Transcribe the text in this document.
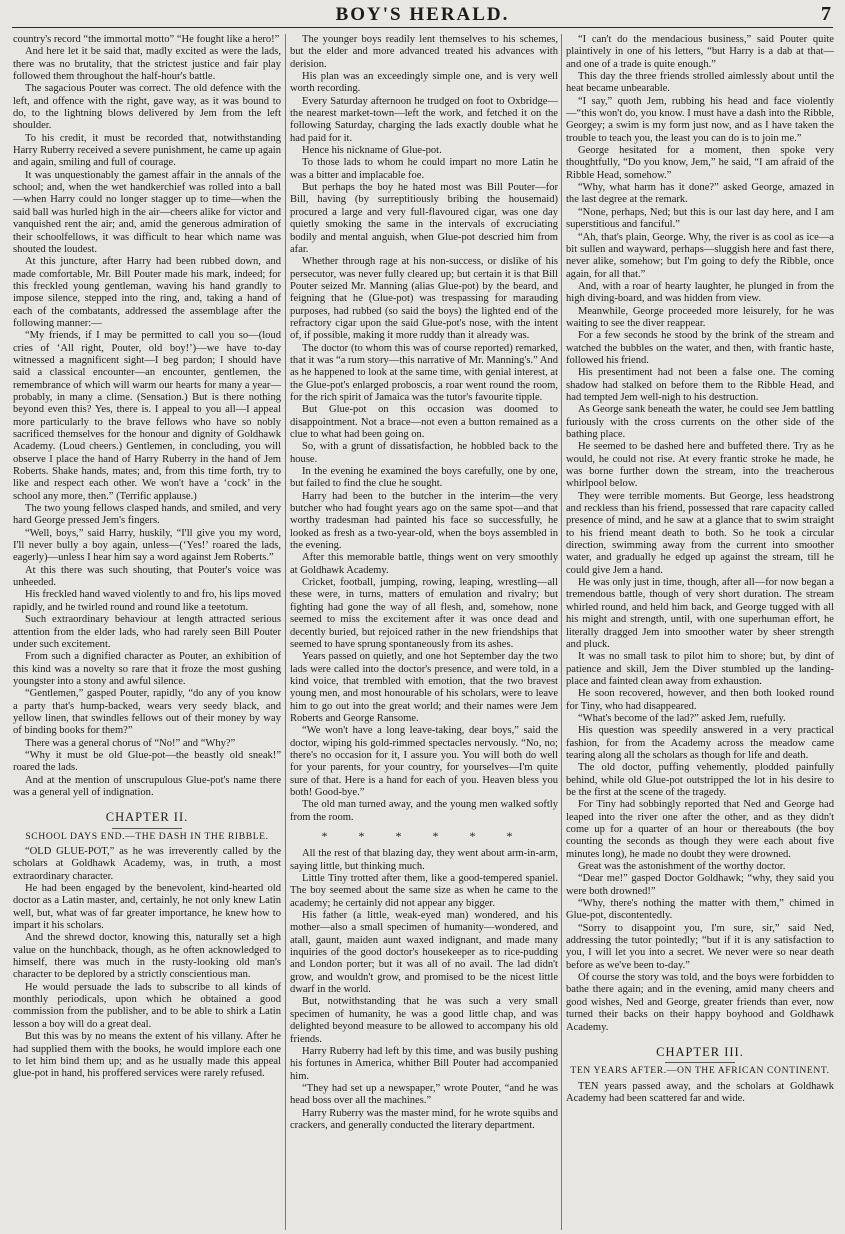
BOY'S HERALD.	7

country's record “the immortal motto” “He fought like a hero!”

And here let it be said that, madly excited as were the lads, there was no brutality, that the strictest justice and fair play followed them throughout the half-hour's battle.

The sagacious Pouter was correct. The old defence with the left, and offence with the right, gave way, as it was bound to do, to the lightning blows delivered by Jem from the left shoulder.

To his credit, it must be recorded that, notwithstanding Harry Ruberry received a severe punishment, he came up again and again, smiling and full of courage.

It was unquestionably the gamest affair in the annals of the school; and, when the wet handkerchief was rolled into a ball—when Harry could no longer stagger up to time—when the said ball was hurled high in the air—cheers alike for victor and vanquished rent the air; and, amid the generous admiration of their schoolfellows, it was difficult to hear which name was shouted the loudest.

At this juncture, after Harry had been rubbed down, and made comfortable, Mr. Bill Pouter made his mark, indeed; for this freckled young gentleman, waving his hand grandly to impose silence, stepped into the ring, and, taking a hand of each of the combatants, addressed the assemblage after the following manner:—

“My friends, if I may be permitted to call you so—(loud cries of ‘All right, Pouter, old boy!’)—we have to-day witnessed a magnificent sight—I beg pardon; I should have said a classical encounter—an encounter, gentlemen, the remembrance of which will warm our hearts for many a year—probably, in many a clime. (Sensation.) But is there nothing beyond even this? Yes, there is. I appeal to you all—I appeal more particularly to the brave fellows who have so nobly sacrificed themselves for the honour and dignity of Goldhawk Academy. (Loud cheers.) Gentlemen, in concluding, you will observe I place the hand of Harry Ruberry in the hand of Jem Roberts. Shake hands, mates; and, from this time forth, try to like and respect each other. We won't have a ‘cock’ in the school any more, then.” (Terrific applause.)

The two young fellows clasped hands, and smiled, and very hard George pressed Jem's fingers.

“Well, boys,” said Harry, huskily, “I'll give you my word, I'll never bully a boy again, unless—(‘Yes!’ roared the lads, eagerly)—unless I hear him say a word against Jem Roberts.”

At this there was such shouting, that Pouter's voice was unheeded.

His freckled hand waved violently to and fro, his lips moved rapidly, and he twirled round and round like a teetotum.

Such extraordinary behaviour at length attracted serious attention from the elder lads, who had rarely seen Bill Pouter under such excitement.

From such a dignified character as Pouter, an exhibition of this kind was a novelty so rare that it froze the most gushing youngster into a stony and awful silence.

“Gentlemen,” gasped Pouter, rapidly, “do any of you know a party that's hump-backed, wears very seedy black, and yellow linen, that swindles fellows out of their money by way of binding books for them?”

There was a general chorus of “No!” and “Why?”

“Why it must be old Glue-pot—the beastly old sneak!” roared the lads.

And at the mention of unscrupulous Glue-pot's name there was a general yell of indignation.

CHAPTER II.
SCHOOL DAYS END.—THE DASH IN THE RIBBLE.

“OLD GLUE-POT,” as he was irreverently called by the scholars at Goldhawk Academy, was, in truth, a most extraordinary character.

He had been engaged by the benevolent, kind-hearted old doctor as a Latin master, and, certainly, he not only knew Latin well, but, what was of far greater importance, he knew how to impart it his scholars.

And the shrewd doctor, knowing this, naturally set a high value on the hunchback, though, as he often acknowledged to himself, there was much in the rusty-looking old man's character to be deplored by a strictly conscientious man.

He would persuade the lads to subscribe to all kinds of monthly periodicals, upon which he obtained a good commission from the publisher, and to be able to shirk a Latin lesson a boy will do a great deal.

But this was by no means the extent of his villany. After he had supplied them with the books, he would implore each one to let him bind them up; and as he usually made this appeal glue-pot in hand, his proffered services were rarely refused.

The younger boys readily lent themselves to his schemes, but the elder and more advanced treated his advances with derision.

His plan was an exceedingly simple one, and is very well worth recording.

Every Saturday afternoon he trudged on foot to Oxbridge—the nearest market-town—left the work, and fetched it on the following Saturday, charging the lads exactly double what he had paid for it.

Hence his nickname of Glue-pot.

To those lads to whom he could impart no more Latin he was a bitter and implacable foe.

But perhaps the boy he hated most was Bill Pouter—for Bill, having (by surreptitiously bribing the housemaid) procured a large and very full-flavoured cigar, was one day quietly smoking the same in the intervals of excruciating bodily and mental anguish, when Glue-pot descried him from afar.

Whether through rage at his non-success, or dislike of his persecutor, was never fully cleared up; but certain it is that Bill Pouter seized Mr. Manning (alias Glue-pot) by the beard, and feigning that he (Glue-pot) was trespassing for marauding purposes, had rubbed (so said the boys) the lighted end of the refractory cigar upon the said Glue-pot's nose, with the intent of, if possible, making it more ruddy than it already was.

The doctor (to whom this was of course reported) remarked, that it was “a rum story—this narrative of Mr. Manning's.” And as he happened to look at the same time, with genial interest, at the Glue-pot's enlarged proboscis, a roar went round the room, for the rich spirit of Jamaica was the tutor's favourite tipple.

But Glue-pot on this occasion was doomed to disappointment. Not a brace—not even a button remained as a clue to what had been going on.

So, with a grunt of dissatisfaction, he hobbled back to the house.

In the evening he examined the boys carefully, one by one, but failed to find the clue he sought.

Harry had been to the butcher in the interim—the very butcher who had fought years ago on the same spot—and that worthy tradesman had painted his face so successfully, he looked as fresh as a two-year-old, when the boys assembled in the evening.

After this memorable battle, things went on very smoothly at Goldhawk Academy.

Cricket, football, jumping, rowing, leaping, wrestling—all these were, in turns, matters of emulation and rivalry; but fighting had gone the way of all flesh, and, somehow, none seemed to miss the excitement after it was once dead and decently buried, but rejoiced rather in the new friendships that seemed to have sprung spontaneously from its ashes.

Years passed on quietly, and one hot September day the two lads were called into the doctor's presence, and were told, in a kind voice, that trembled with emotion, that the two bravest young men, and most honourable of his scholars, were to leave him to go out into the great world; and their names were Jem Roberts and George Ransome.

“We won't have a long leave-taking, dear boys,” said the doctor, wiping his gold-rimmed spectacles nervously. “No, no; there's no occasion for it, I assure you. You will both do well for your parents, for your country, for yourselves—I'm quite sure of that. Here is a hand for each of you. Heaven bless you both! Good-bye.”

The old man turned away, and the young men walked softly from the room.

* * * * * *

All the rest of that blazing day, they went about arm-in-arm, saying little, but thinking much.

Little Tiny trotted after them, like a good-tempered spaniel. The boy seemed about the same size as when he came to the academy; he certainly did not appear any bigger.

His father (a little, weak-eyed man) wondered, and his mother—also a small specimen of humanity—wondered, and atall, gaunt, maiden aunt waxed indignant, and made many inquiries of the good doctor's housekeeper as to rice-pudding and London porter; but it was all of no avail. The lad didn't grow, and wouldn't grow, and promised to be the nicest little dwarf in the world.

But, notwithstanding that he was such a very small specimen of humanity, he was a good little chap, and was delighted beyond measure to be allowed to accompany his old friends.

Harry Ruberry had left by this time, and was busily pushing his fortunes in America, whither Bill Pouter had accompanied him.

“They had set up a newspaper,” wrote Pouter, “and he was head boss over all the machines.”

Harry Ruberry was the master mind, for he wrote squibs and crackers, and generally conducted the literary department.

“I can't do the mendacious business,” said Pouter quite plaintively in one of his letters, “but Harry is a dab at that—and one of a trade is quite enough.”

This day the three friends strolled aimlessly about until the heat became unbearable.

“I say,” quoth Jem, rubbing his head and face violently—“this won't do, you know. I must have a dash into the Ribble, Georgey; a swim is my form just now, and as I have taken the trouble to teach you, the least you can do is to join me.”

George hesitated for a moment, then spoke very thoughtfully, “Do you know, Jem,” he said, “I am afraid of the Ribble Head, somehow.”

“Why, what harm has it done?” asked George, amazed in the last degree at the remark.

“None, perhaps, Ned; but this is our last day here, and I am superstitious and fanciful.”

“Ah, that's plain, George. Why, the river is as cool as ice—a bit sullen and wayward, perhaps—sluggish here and fast there, never alike, somehow; but I'm going to defy the Ribble, once again, for all that.”

And, with a roar of hearty laughter, he plunged in from the high diving-board, and was hidden from view.

Meanwhile, George proceeded more leisurely, for he was waiting to see the diver reappear.

For a few seconds he stood by the brink of the stream and watched the bubbles on the water, and then, with frantic haste, followed his friend.

His presentiment had not been a false one. The coming shadow had stalked on before them to the Ribble Head, and had tempted Jem well-nigh to his destruction.

As George sank beneath the water, he could see Jem battling furiously with the cross currents on the other side of the bathing place.

He seemed to be dashed here and buffeted there. Try as he would, he could not rise. At every frantic stroke he made, he was borne further down the stream, into the treacherous whirlpool below.

They were terrible moments. But George, less headstrong and reckless than his friend, possessed that rare capacity called presence of mind, and he saw at a glance that to swim straight to his friend meant death to both. So he took a circular direction, swimming away from the current into smoother water, and gradually he edged up against the stream, till he could give Jem a hand.

He was only just in time, though, after all—for now began a tremendous battle, though of very short duration. The stream whirled round, and held him back, and George tugged with all his might and strength, until, with one superhuman effort, he literally dragged Jem into smoother water by sheer strength and pluck.

It was no small task to pilot him to shore; but, by dint of patience and skill, Jem the Diver stumbled up the landing-place and fainted clean away from exhaustion.

He soon recovered, however, and then both looked round for Tiny, who had disappeared.

“What's become of the lad?” asked Jem, ruefully.

His question was speedily answered in a very practical fashion, for from the Academy across the meadow came tearing along all the scholars as though for life and death.

The old doctor, puffing vehemently, plodded painfully behind, while old Glue-pot outstripped the lot in his desire to be the first at the scene of the tragedy.

For Tiny had sobbingly reported that Ned and George had leaped into the river one after the other, and as they didn't come up for a quarter of an hour or thereabouts (the boy counting the seconds as though they were each about five minutes long), he made no doubt they were drowned.

Great was the astonishment of the worthy doctor.

“Dear me!” gasped Doctor Goldhawk; “why, they said you were both drowned!”

“Why, there's nothing the matter with them,” chimed in Glue-pot, discontentedly.

“Sorry to disappoint you, I'm sure, sir,” said Ned, addressing the tutor pointedly; “but if it is any satisfaction to you, I will let you into a secret. We never were so near death before as we've been to-day.”

Of course the story was told, and the boys were forbidden to bathe there again; and in the evening, amid many cheers and good wishes, Ned and George, greater friends than ever, now turned their backs on their happy boyhood and Goldhawk Academy.

CHAPTER III.
TEN YEARS AFTER.—ON THE AFRICAN CONTINENT.

TEN years passed away, and the scholars at Goldhawk Academy had been scattered far and wide.
